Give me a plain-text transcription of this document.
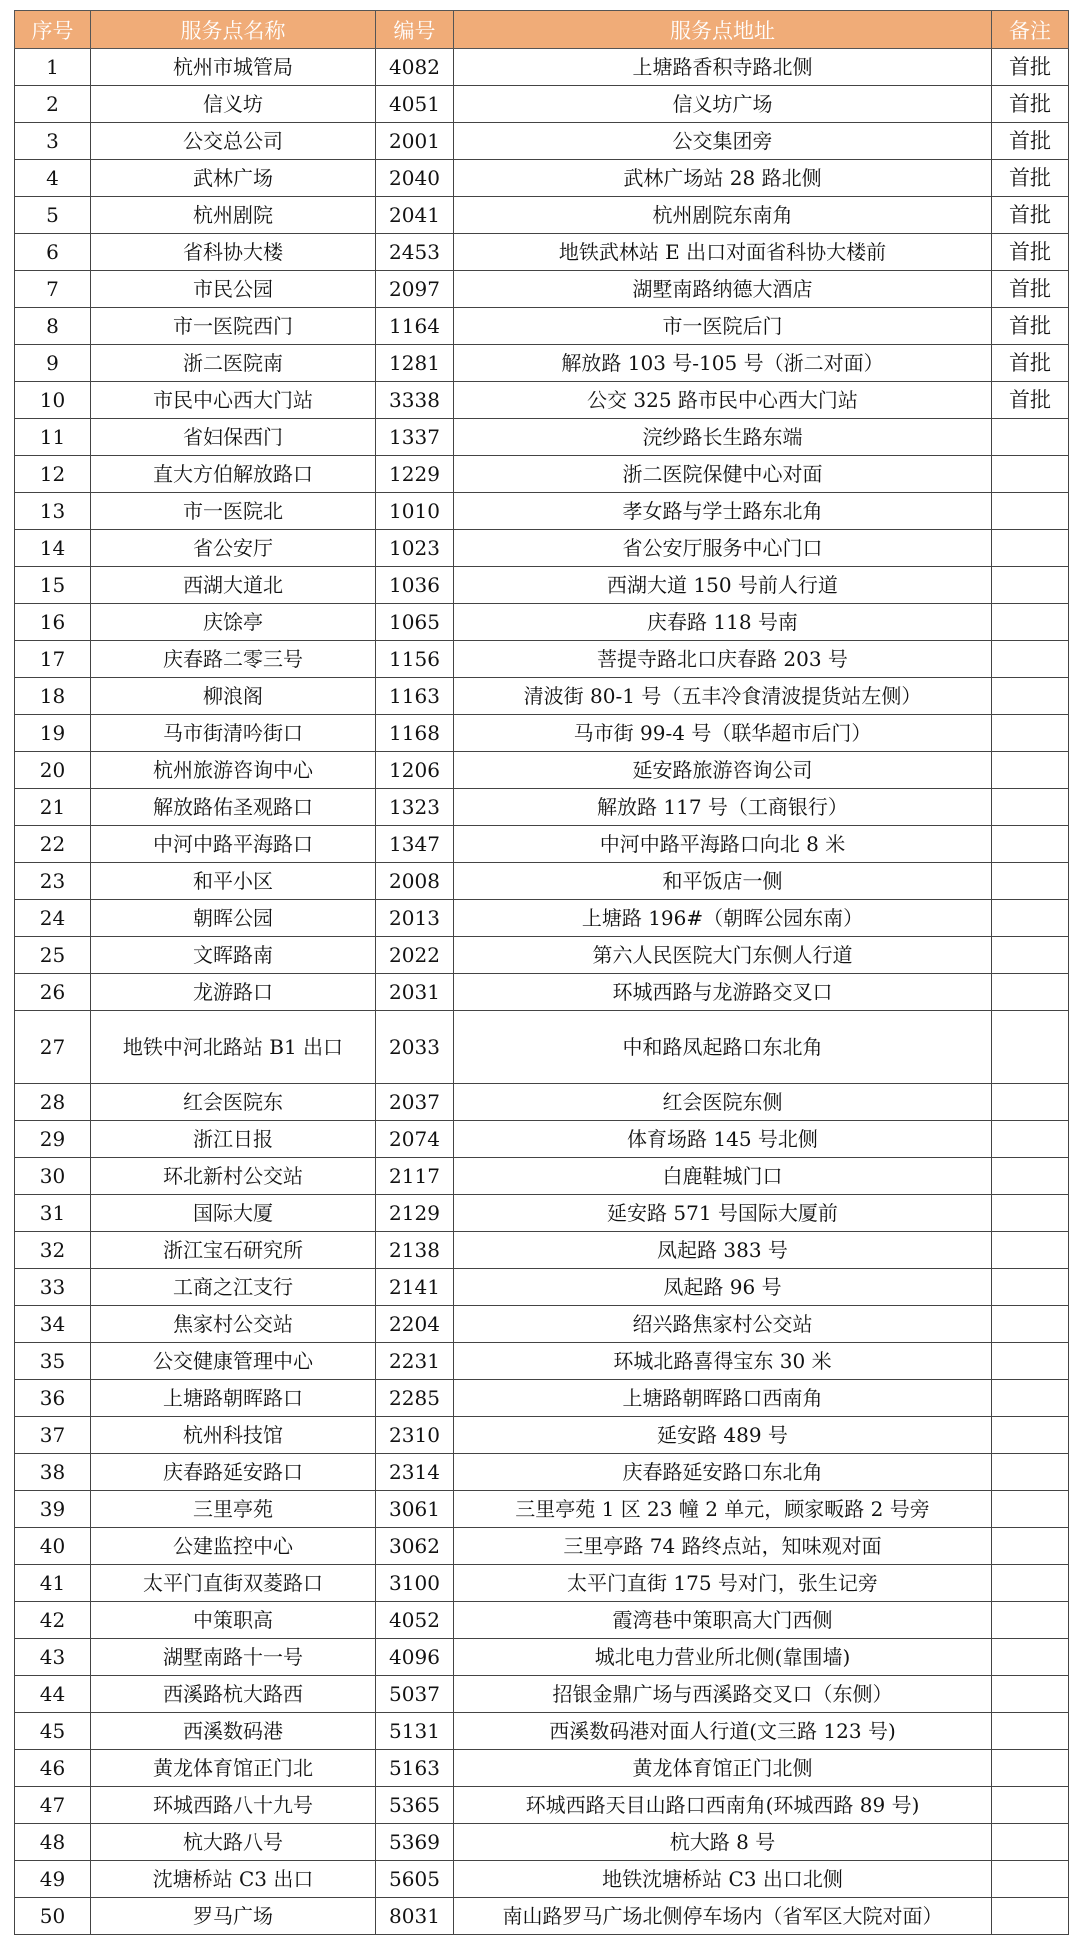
序号	服务点名称	编号	服务点地址	备注
1	杭州市城管局	4082	上塘路香积寺路北侧	首批
2	信义坊	4051	信义坊广场	首批
3	公交总公司	2001	公交集团旁	首批
4	武林广场	2040	武林广场站 28 路北侧	首批
5	杭州剧院	2041	杭州剧院东南角	首批
6	省科协大楼	2453	地铁武林站 E 出口对面省科协大楼前	首批
7	市民公园	2097	湖墅南路纳德大酒店	首批
8	市一医院西门	1164	市一医院后门	首批
9	浙二医院南	1281	解放路 103 号-105 号（浙二对面）	首批
10	市民中心西大门站	3338	公交 325 路市民中心西大门站	首批
11	省妇保西门	1337	浣纱路长生路东端	
12	直大方伯解放路口	1229	浙二医院保健中心对面	
13	市一医院北	1010	孝女路与学士路东北角	
14	省公安厅	1023	省公安厅服务中心门口	
15	西湖大道北	1036	西湖大道 150 号前人行道	
16	庆馀亭	1065	庆春路 118 号南	
17	庆春路二零三号	1156	菩提寺路北口庆春路 203 号	
18	柳浪阁	1163	清波街 80-1 号（五丰冷食清波提货站左侧）	
19	马市街清吟街口	1168	马市街 99-4 号（联华超市后门）	
20	杭州旅游咨询中心	1206	延安路旅游咨询公司	
21	解放路佑圣观路口	1323	解放路 117 号（工商银行）	
22	中河中路平海路口	1347	中河中路平海路口向北 8 米	
23	和平小区	2008	和平饭店一侧	
24	朝晖公园	2013	上塘路 196#（朝晖公园东南）	
25	文晖路南	2022	第六人民医院大门东侧人行道	
26	龙游路口	2031	环城西路与龙游路交叉口	
27	地铁中河北路站 B1 出口	2033	中和路凤起路口东北角	
28	红会医院东	2037	红会医院东侧	
29	浙江日报	2074	体育场路 145 号北侧	
30	环北新村公交站	2117	白鹿鞋城门口	
31	国际大厦	2129	延安路 571 号国际大厦前	
32	浙江宝石研究所	2138	凤起路 383 号	
33	工商之江支行	2141	凤起路 96 号	
34	焦家村公交站	2204	绍兴路焦家村公交站	
35	公交健康管理中心	2231	环城北路喜得宝东 30 米	
36	上塘路朝晖路口	2285	上塘路朝晖路口西南角	
37	杭州科技馆	2310	延安路 489 号	
38	庆春路延安路口	2314	庆春路延安路口东北角	
39	三里亭苑	3061	三里亭苑 1 区 23 幢 2 单元，顾家畈路 2 号旁	
40	公建监控中心	3062	三里亭路 74 路终点站，知味观对面	
41	太平门直街双菱路口	3100	太平门直街 175 号对门，张生记旁	
42	中策职高	4052	霞湾巷中策职高大门西侧	
43	湖墅南路十一号	4096	城北电力营业所北侧(靠围墙)	
44	西溪路杭大路西	5037	招银金鼎广场与西溪路交叉口（东侧）	
45	西溪数码港	5131	西溪数码港对面人行道(文三路 123 号)	
46	黄龙体育馆正门北	5163	黄龙体育馆正门北侧	
47	环城西路八十九号	5365	环城西路天目山路口西南角(环城西路 89 号)	
48	杭大路八号	5369	杭大路 8 号	
49	沈塘桥站 C3 出口	5605	地铁沈塘桥站 C3 出口北侧	
50	罗马广场	8031	南山路罗马广场北侧停车场内（省军区大院对面）	
